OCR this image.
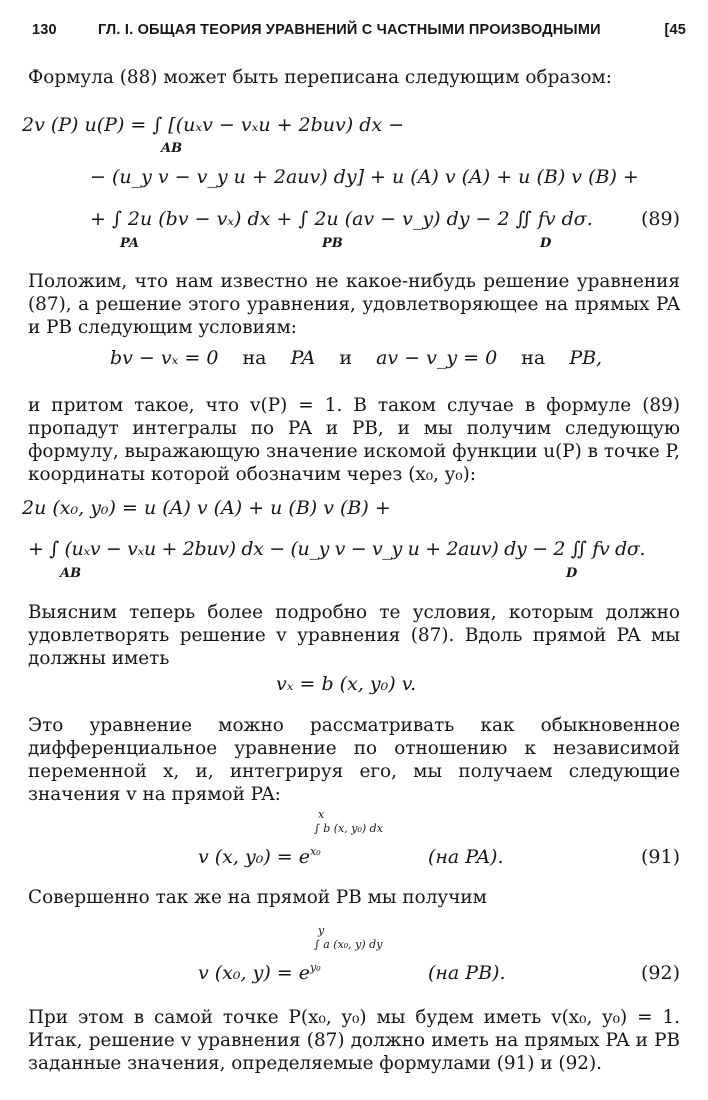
130	ГЛ. I. ОБЩАЯ ТЕОРИЯ УРАВНЕНИЙ С ЧАСТНЫМИ ПРОИЗВОДНЫМИ	[45

Формула (88) может быть переписана следующим образом:

2v (P) u(P) = ∫ [(uₓv − vₓu + 2buv) dx −
AB
− (u_y v − v_y u + 2auv) dy] + u (A) v (A) + u (B) v (B) +
+ ∫ 2u (bv − vₓ) dx + ∫ 2u (av − v_y) dy − 2 ∬ fv dσ.
PA	PB	D
(89)

Положим, что нам известно не какое-нибудь решение уравнения (87), а решение этого уравнения, удовлетворяющее на прямых PA и PB следующим условиям:

bv − vₓ = 0 на PA и av − v_y = 0 на PB,

и притом такое, что v(P) = 1. В таком случае в формуле (89) пропадут интегралы по PA и PB, и мы получим следующую формулу, выражающую значение искомой функции u(P) в точке P, координаты которой обозначим через (x₀, y₀):

2u (x₀, y₀) = u (A) v (A) + u (B) v (B) +
+ ∫ (uₓv − vₓu + 2buv) dx − (u_y v − v_y u + 2auv) dy − 2 ∬ fv dσ.
AB	D

Выясним теперь более подробно те условия, которым должно удовлетворять решение v уравнения (87). Вдоль прямой PA мы должны иметь

vₓ = b (x, y₀) v.

Это уравнение можно рассматривать как обыкновенное дифференциальное уравнение по отношению к независимой переменной x, и, интегрируя его, мы получаем следующие значения v на прямой PA:

x
∫ b (x, y₀) dx
x₀
v (x, y₀) = e	(на PA).	(91)

Совершенно так же на прямой PB мы получим

y
∫ a (x₀, y) dy
y₀
v (x₀, y) = e	(на PB).	(92)

При этом в самой точке P(x₀, y₀) мы будем иметь v(x₀, y₀) = 1. Итак, решение v уравнения (87) должно иметь на прямых PA и PB заданные значения, определяемые формулами (91) и (92).
